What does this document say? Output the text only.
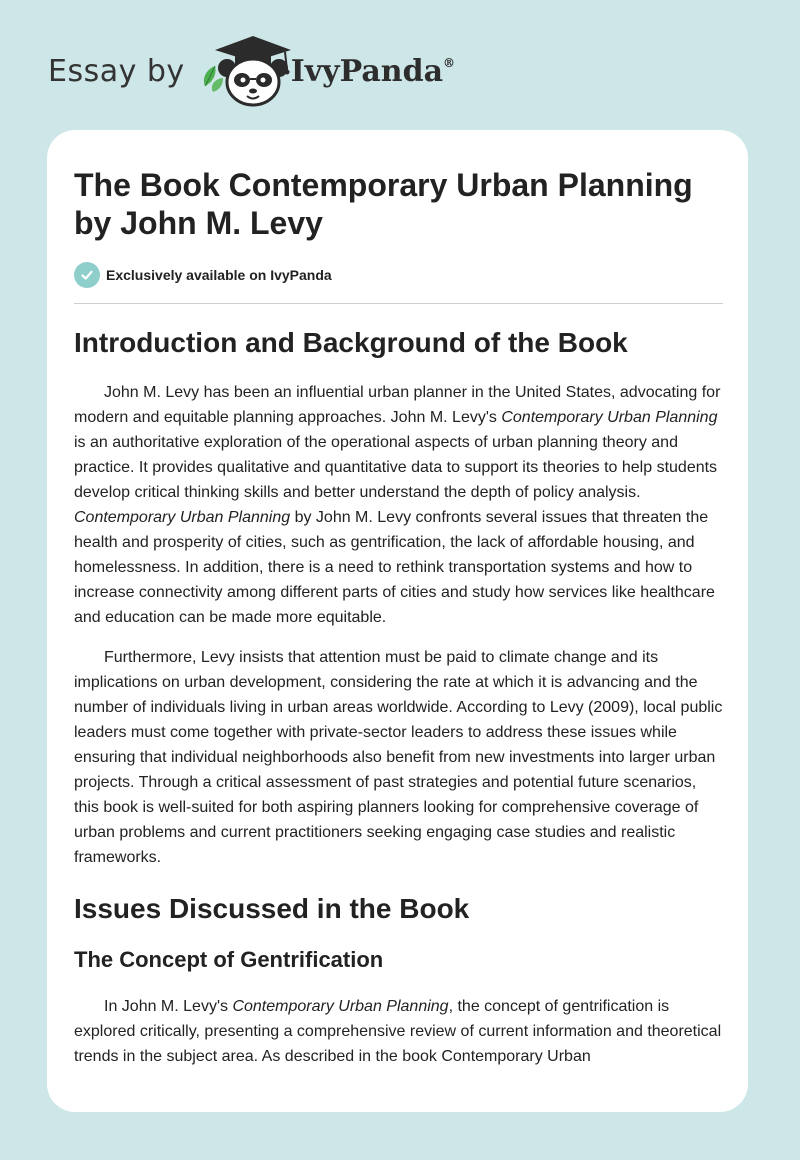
Essay by	IvyPanda®
The Book Contemporary Urban Planning by John M. Levy
Exclusively available on IvyPanda
Introduction and Background of the Book

John M. Levy has been an influential urban planner in the United States, advocating for modern and equitable planning approaches. John M. Levy's Contemporary Urban Planning is an authoritative exploration of the operational aspects of urban planning theory and practice. It provides qualitative and quantitative data to support its theories to help students develop critical thinking skills and better understand the depth of policy analysis. Contemporary Urban Planning by John M. Levy confronts several issues that threaten the health and prosperity of cities, such as gentrification, the lack of affordable housing, and homelessness. In addition, there is a need to rethink transportation systems and how to increase connectivity among different parts of cities and study how services like healthcare and education can be made more equitable.

Furthermore, Levy insists that attention must be paid to climate change and its implications on urban development, considering the rate at which it is advancing and the number of individuals living in urban areas worldwide. According to Levy (2009), local public leaders must come together with private-sector leaders to address these issues while ensuring that individual neighborhoods also benefit from new investments into larger urban projects. Through a critical assessment of past strategies and potential future scenarios, this book is well-suited for both aspiring planners looking for comprehensive coverage of urban problems and current practitioners seeking engaging case studies and realistic frameworks.

Issues Discussed in the Book
The Concept of Gentrification

In John M. Levy's Contemporary Urban Planning, the concept of gentrification is explored critically, presenting a comprehensive review of current information and theoretical trends in the subject area. As described in the book Contemporary Urban
